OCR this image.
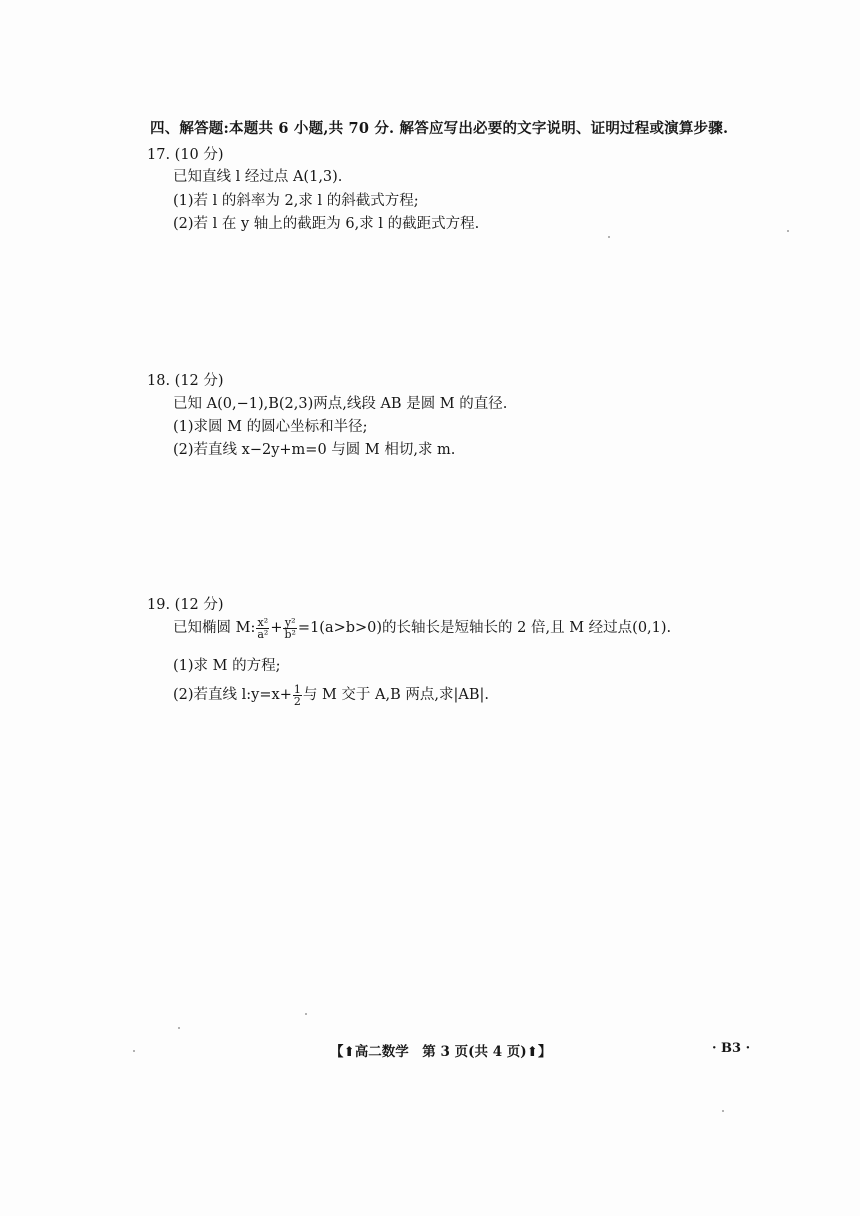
四、解答题:本题共 6 小题,共 70 分. 解答应写出必要的文字说明、证明过程或演算步骤.
17. (10 分)
已知直线 l 经过点 A(1,3).
(1)若 l 的斜率为 2,求 l 的斜截式方程;
(2)若 l 在 y 轴上的截距为 6,求 l 的截距式方程.
18. (12 分)
已知 A(0,−1),B(2,3)两点,线段 AB 是圆 M 的直径.
(1)求圆 M 的圆心坐标和半径;
(2)若直线 x−2y+m=0 与圆 M 相切,求 m.
19. (12 分)
已知椭圆 M: $\frac{\text{x²}}{\text{a²}} + \frac{\text{y²}}{\text{b²}} =1(a>b>0)$的长轴长是短轴长的 2 倍,且 M 经过点(0,1).
(1)求 M 的方程;
(2)若直线 l:y=x+ $\frac{1}{2}$ 与 M 交于 A,B 两点,求|AB|.
【⬆高二数学　第 3 页(共 4 页)⬆】	· B3 ·
